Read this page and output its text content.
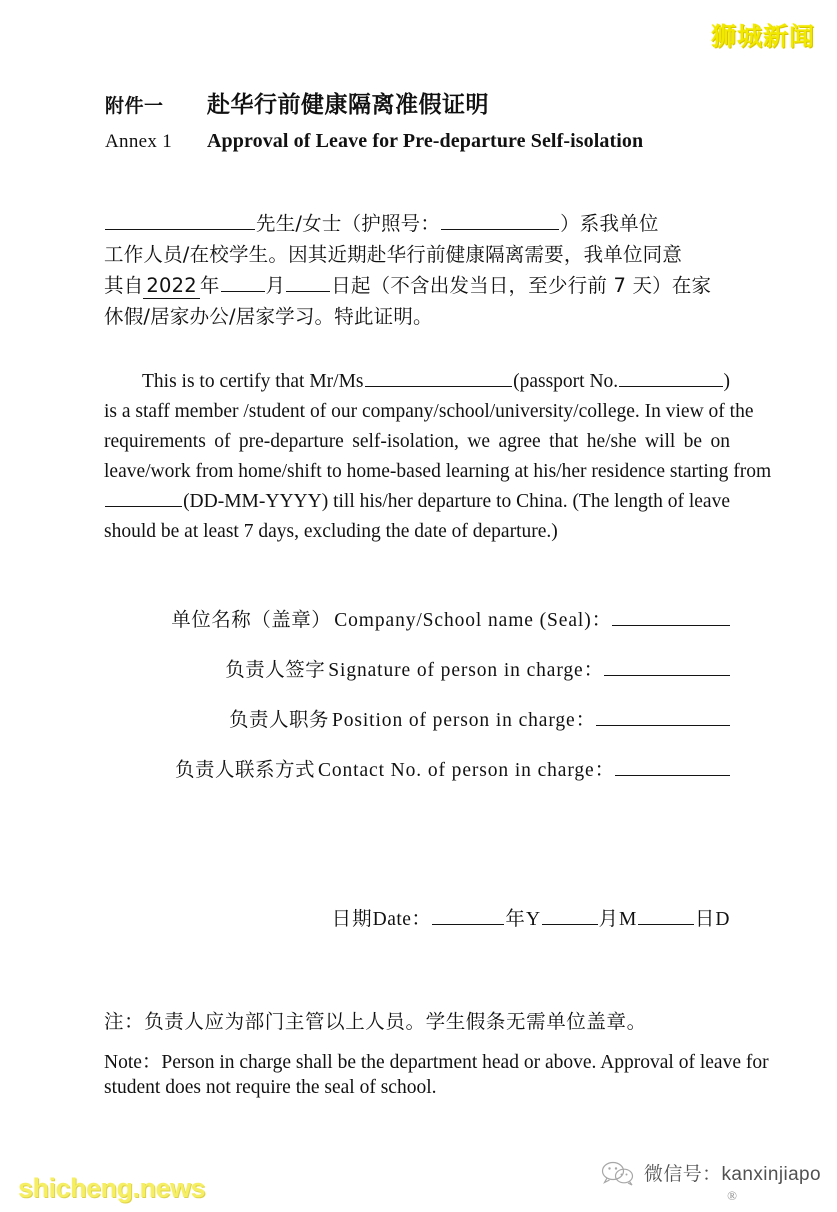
狮城新闻
shicheng.news	微信号：kanxinjiapo
®
附件一	赴华行前健康隔离准假证明
Annex 1	Approval of Leave for Pre-departure Self-isolation
先生/女士（护照号：	）系我单位
工作人员/在校学生。因其近期赴华行前健康隔离需要，我单位同意
其自 2022 年 月 日起（不含出发当日，至少行前 7 天）在家
休假/居家办公/居家学习。特此证明。
This is to certify that Mr/Ms	(passport No.	)
is a staff member /student of our company/school/university/college. In view of the
requirements of pre-departure self-isolation, we agree that he/she will be on
leave/work from home/shift to home-based learning at his/her residence starting from
(DD-MM-YYYY) till his/her departure to China. (The length of leave
should be at least 7 days, excluding the date of departure.)
单位名称（盖章） Company/School name (Seal)：
负责人签字 Signature of person in charge：
负责人职务 Position of person in charge：
负责人联系方式 Contact No. of person in charge：
日期 Date：	年 Y	月 M	日 D
注：负责人应为部门主管以上人员。学生假条无需单位盖章。
Note：Person in charge shall be the department head or above. Approval of leave for
student does not require the seal of school.
